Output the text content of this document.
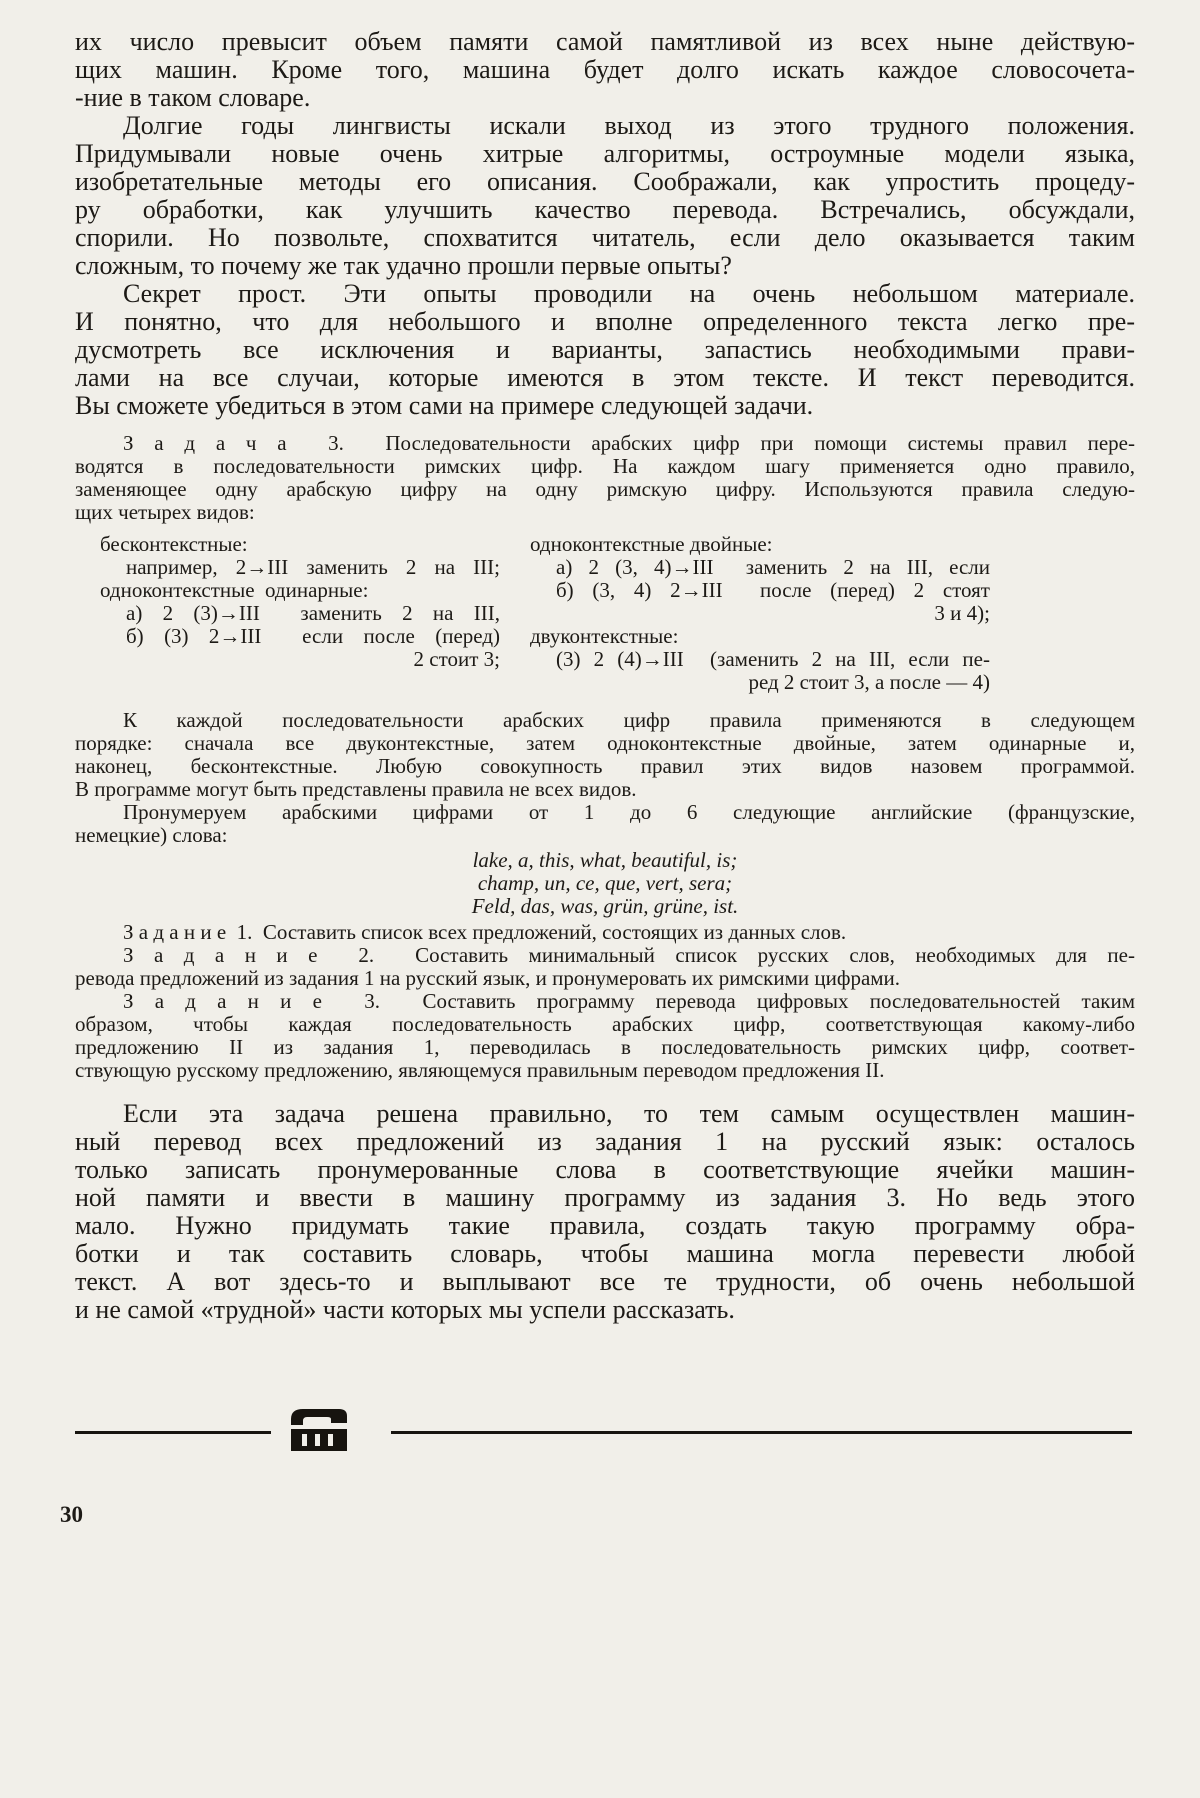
их число превысит объем памяти самой памятливой из всех ныне действую-
щих машин. Кроме того, машина будет долго искать каждое словосочета-
-ние в таком словаре.
Долгие годы лингвисты искали выход из этого трудного положения.
Придумывали новые очень хитрые алгоритмы, остроумные модели языка,
изобретательные методы его описания. Соображали, как упростить процеду-
ру обработки, как улучшить качество перевода. Встречались, обсуждали,
спорили. Но позвольте, спохватится читатель, если дело оказывается таким
сложным, то почему же так удачно прошли первые опыты?
Секрет прост. Эти опыты проводили на очень небольшом материале.
И понятно, что для небольшого и вполне определенного текста легко пре-
дусмотреть все исключения и варианты, запастись необходимыми прави-
лами на все случаи, которые имеются в этом тексте. И текст переводится.
Вы сможете убедиться в этом сами на примере следующей задачи.
З а д а ч а  3.  Последовательности арабских цифр при помощи системы правил пере-
водятся в последовательности римских цифр. На каждом шагу применяется одно правило,
заменяющее одну арабскую цифру на одну римскую цифру. Используются правила следую-
щих четырех видов:
бесконтекстные:
например, 2→III заменить 2 на III;
одноконтекстные  одинарные:
а) 2 (3)→III  заменить 2 на III,
б) (3) 2→III  если после (перед)
2 стоит 3;
одноконтекстные двойные:
а) 2 (3, 4)→III  заменить 2 на III, если
б) (3, 4) 2→III  после (перед) 2 стоят
3 и 4);
двуконтекстные:
(3) 2 (4)→III  (заменить 2 на III, если пе-
ред 2 стоит 3, а после — 4)
К каждой последовательности арабских цифр правила применяются в следующем
порядке: сначала все двуконтекстные, затем одноконтекстные двойные, затем одинарные и,
наконец, бесконтекстные. Любую совокупность правил этих видов назовем программой.
В программе могут быть представлены правила не всех видов.
Пронумеруем арабскими цифрами от 1 до 6 следующие английские (французские,
немецкие) слова:
lake, a, this, what, beautiful, is;
champ, un, ce, que, vert, sera;
Feld, das, was, grün, grüne, ist.
З а д а н и е  1.  Составить список всех предложений, состоящих из данных слов.
З а д а н и е  2.  Составить минимальный список русских слов, необходимых для пе-
ревода предложений из задания 1 на русский язык, и пронумеровать их римскими цифрами.
З а д а н и е  3.  Составить программу перевода цифровых последовательностей таким
образом, чтобы каждая последовательность арабских цифр, соответствующая какому-либо
предложению II из задания 1, переводилась в последовательность римских цифр, соответ-
ствующую русскому предложению, являющемуся правильным переводом предложения II.
Если эта задача решена правильно, то тем самым осуществлен машин-
ный перевод всех предложений из задания 1 на русский язык: осталось
только записать пронумерованные слова в соответствующие ячейки машин-
ной памяти и ввести в машину программу из задания 3. Но ведь этого
мало. Нужно придумать такие правила, создать такую программу обра-
ботки и так составить словарь, чтобы машина могла перевести любой
текст. А вот здесь-то и выплывают все те трудности, об очень небольшой
и не самой «трудной» части которых мы успели рассказать.
30
